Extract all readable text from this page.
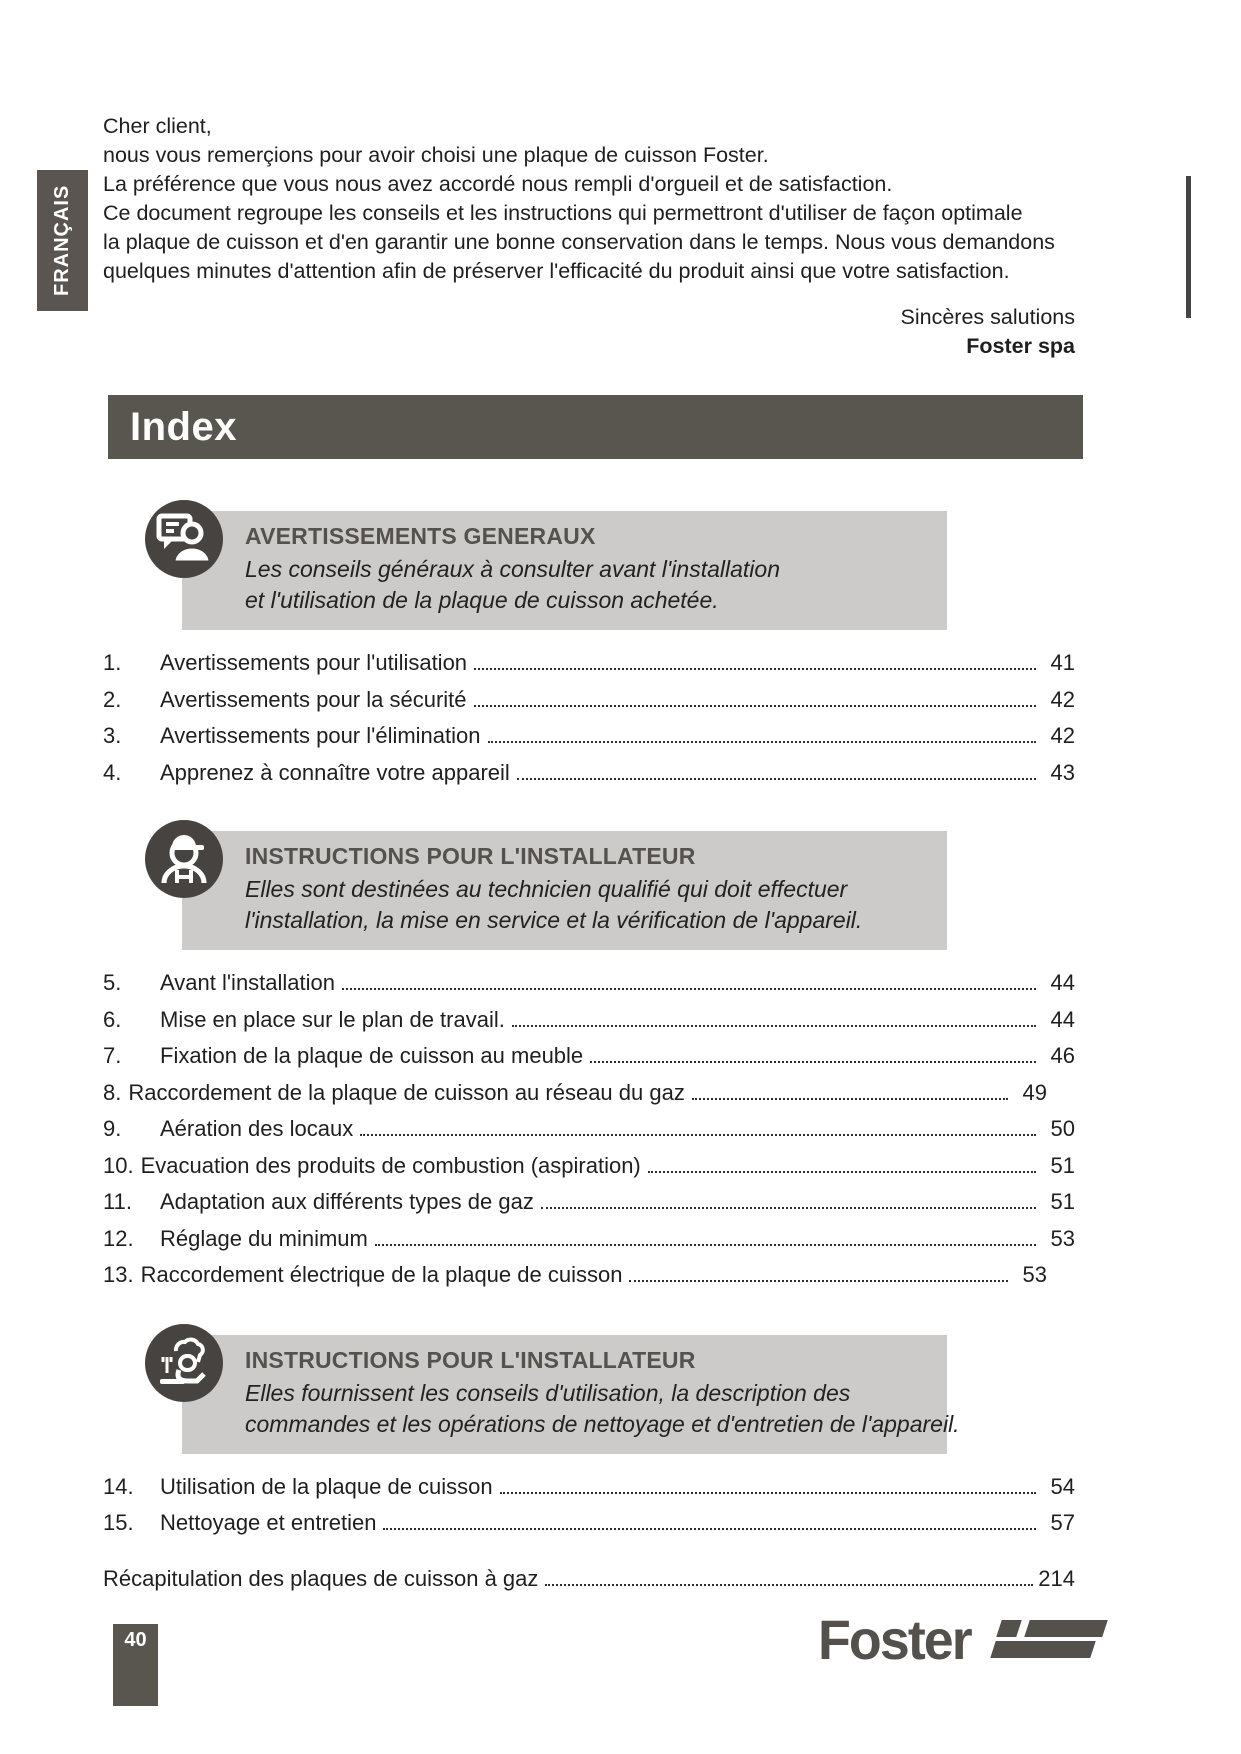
FRANÇAIS
Cher client,
nous vous remerçions pour avoir choisi une plaque de cuisson Foster.
La préférence que vous nous avez accordé nous rempli d'orgueil et de satisfaction.
Ce document regroupe les conseils et les instructions qui permettront d'utiliser de façon optimale
la plaque de cuisson et d'en garantir une bonne conservation dans le temps. Nous vous demandons
quelques minutes d'attention afin de préserver l'efficacité du produit ainsi que votre satisfaction.
Sincères salutions
Foster spa
Index
AVERTISSEMENTS GENERAUX
Les conseils généraux à consulter avant l'installation
et l'utilisation de la plaque de cuisson achetée.
1.	Avertissements pour l'utilisation	41
2.	Avertissements pour la sécurité	42
3.	Avertissements pour l'élimination	42
4.	Apprenez à connaître votre appareil	43
INSTRUCTIONS POUR L'INSTALLATEUR
Elles sont destinées au technicien qualifié qui doit effectuer
l'installation, la mise en service et la vérification de l'appareil.
5.	Avant l'installation	44
6.	Mise en place sur le plan de travail.	44
7.	Fixation de la plaque de cuisson au meuble	46
8. Raccordement de la plaque de cuisson au réseau du gaz	49
9.	Aération des locaux	50
10. Evacuation des produits de combustion (aspiration)	51
11.	Adaptation aux différents types de gaz	51
12.	Réglage du minimum	53
13. Raccordement électrique de la plaque de cuisson	53
INSTRUCTIONS POUR L'INSTALLATEUR
Elles fournissent les conseils d'utilisation, la description des
commandes et les opérations de nettoyage et d'entretien de l'appareil.
14.	Utilisation de la plaque de cuisson	54
15.	Nettoyage et entretien	57
Récapitulation des plaques de cuisson à gaz	214
40	Foster
